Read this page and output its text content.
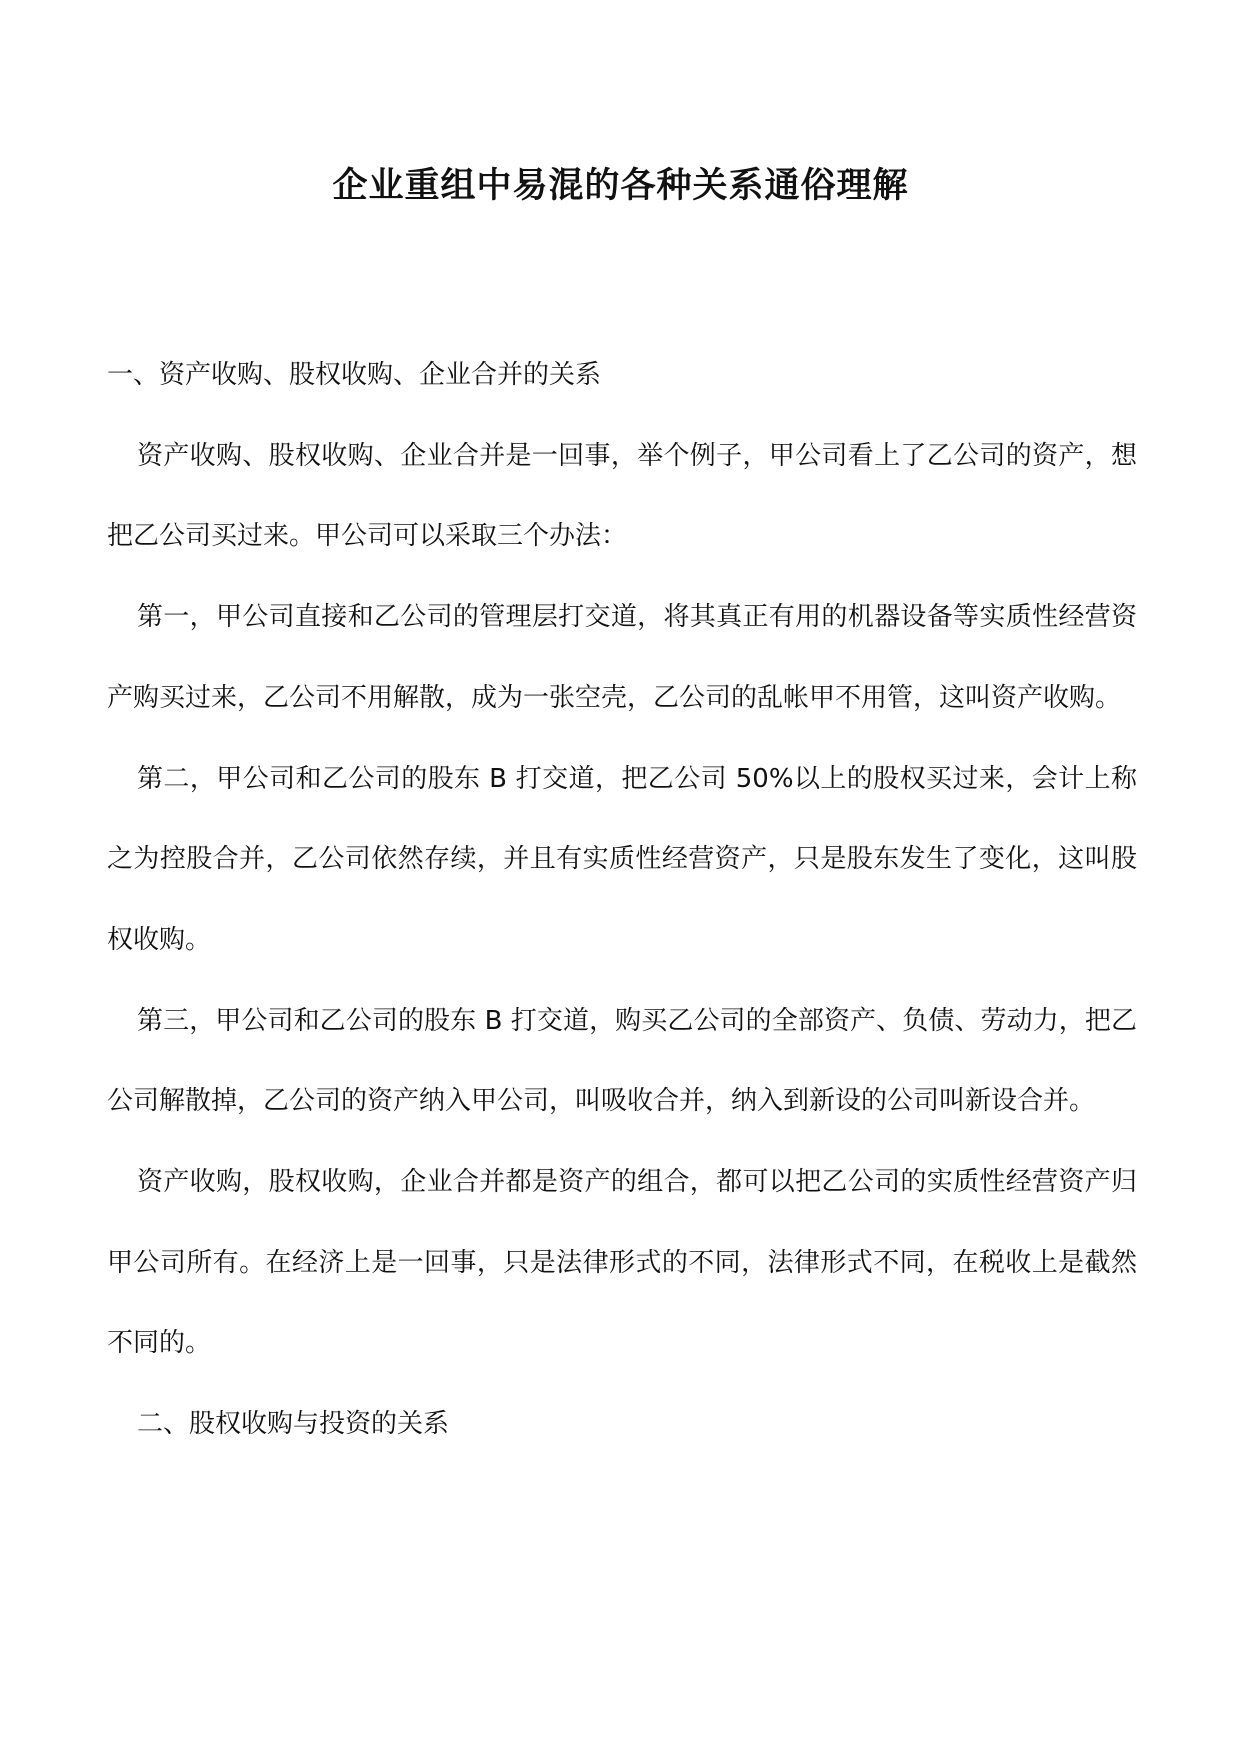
企业重组中易混的各种关系通俗理解

一、资产收购、股权收购、企业合并的关系

资产收购、股权收购、企业合并是一回事，举个例子，甲公司看上了乙公司的资产，想把乙公司买过来。甲公司可以采取三个办法：

第一，甲公司直接和乙公司的管理层打交道，将其真正有用的机器设备等实质性经营资产购买过来，乙公司不用解散，成为一张空壳，乙公司的乱帐甲不用管，这叫资产收购。

第二，甲公司和乙公司的股东 B 打交道，把乙公司 50%以上的股权买过来，会计上称之为控股合并，乙公司依然存续，并且有实质性经营资产，只是股东发生了变化，这叫股权收购。

第三，甲公司和乙公司的股东 B 打交道，购买乙公司的全部资产、负债、劳动力，把乙公司解散掉，乙公司的资产纳入甲公司，叫吸收合并，纳入到新设的公司叫新设合并。

资产收购，股权收购，企业合并都是资产的组合，都可以把乙公司的实质性经营资产归甲公司所有。在经济上是一回事，只是法律形式的不同，法律形式不同，在税收上是截然不同的。

二、股权收购与投资的关系
